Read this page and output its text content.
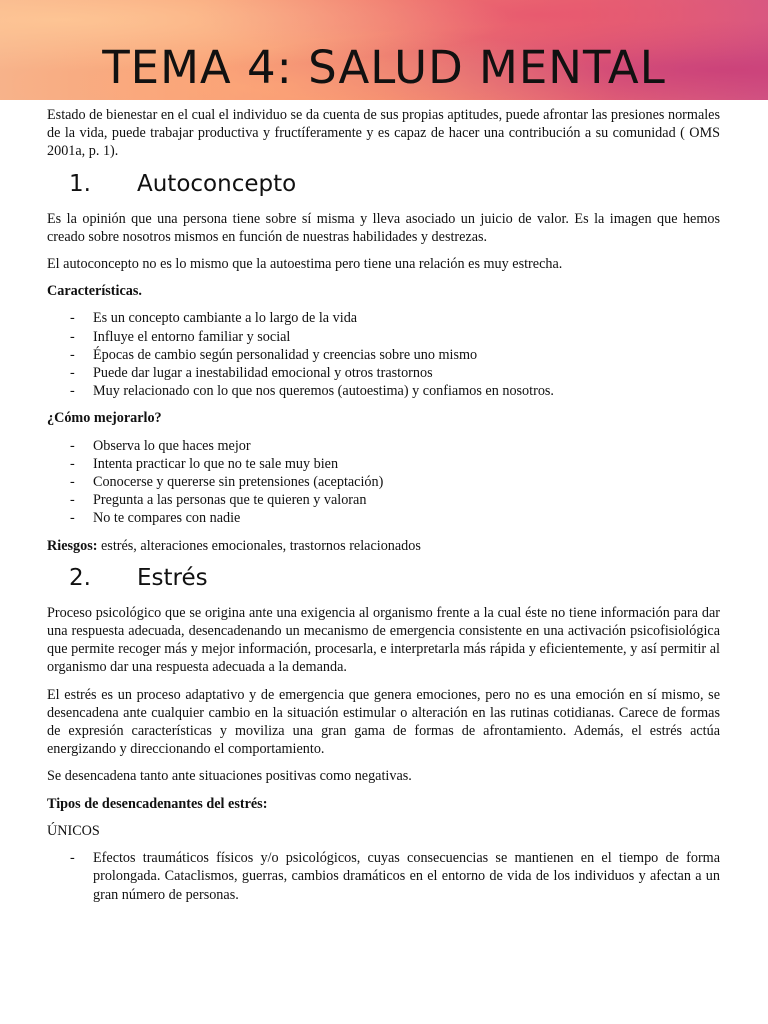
TEMA 4: SALUD MENTAL

Estado de bienestar en el cual el individuo se da cuenta de sus propias aptitudes, puede afrontar las presiones normales de la vida, puede trabajar productiva y fructíferamente y es capaz de hacer una contribución a su comunidad ( OMS 2001a, p. 1).

1.	Autoconcepto

Es la opinión que una persona tiene sobre sí misma y lleva asociado un juicio de valor. Es la imagen que hemos creado sobre nosotros mismos en función de nuestras habilidades y destrezas.

El autoconcepto no es lo mismo que la autoestima pero tiene una relación es muy estrecha.

Características.

-	Es un concepto cambiante a lo largo de la vida
-	Influye el entorno familiar y social
-	Épocas de cambio según personalidad y creencias sobre uno mismo
-	Puede dar lugar a inestabilidad emocional y otros trastornos
-	Muy relacionado con lo que nos queremos (autoestima) y confiamos en nosotros.

¿Cómo mejorarlo?

-	Observa lo que haces mejor
-	Intenta practicar lo que no te sale muy bien
-	Conocerse y quererse sin pretensiones (aceptación)
-	Pregunta a las personas que te quieren y valoran
-	No te compares con nadie

Riesgos: estrés, alteraciones emocionales, trastornos relacionados

2.	Estrés

Proceso psicológico que se origina ante una exigencia al organismo frente a la cual éste no tiene información para dar una respuesta adecuada, desencadenando un mecanismo de emergencia consistente en una activación psicofisiológica que permite recoger más y mejor información, procesarla, e interpretarla más rápida y eficientemente, y así permitir al organismo dar una respuesta adecuada a la demanda.

El estrés es un proceso adaptativo y de emergencia que genera emociones, pero no es una emoción en sí mismo, se desencadena ante cualquier cambio en la situación estimular o alteración en las rutinas cotidianas. Carece de formas de expresión características y moviliza una gran gama de formas de afrontamiento. Además, el estrés actúa energizando y direccionando el comportamiento.

Se desencadena tanto ante situaciones positivas como negativas.

Tipos de desencadenantes del estrés:

ÚNICOS

-	Efectos traumáticos físicos y/o psicológicos, cuyas consecuencias se mantienen en el tiempo de forma prolongada. Cataclismos, guerras, cambios dramáticos en el entorno de vida de los individuos y afectan a un gran número de personas.
